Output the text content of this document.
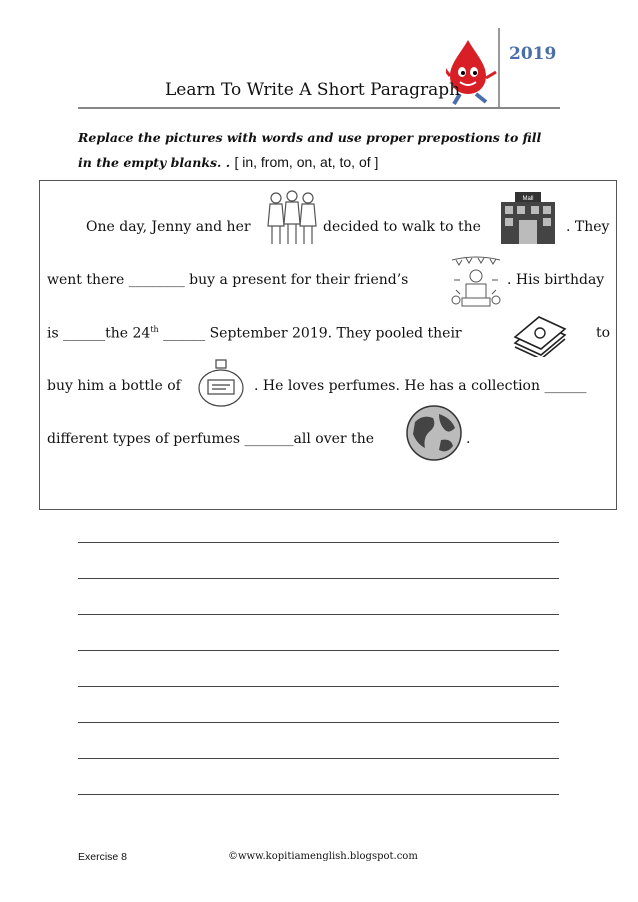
2019
Learn To Write A Short Paragraph
Replace the pictures with words and use proper prepostions to fill in the empty blanks. . [ in, from, on, at, to, of ]
One day, Jenny and her	decided to walk to the
Mall
. They
went there ________ buy a present for their friend’s	. His birthday
is ______the 24th ______ September 2019. They pooled their	to
buy him a bottle of	. He loves perfumes. He has a collection ______
different types of perfumes _______all over the	.
Exercise 8	©www.kopitiamenglish.blogspot.com
